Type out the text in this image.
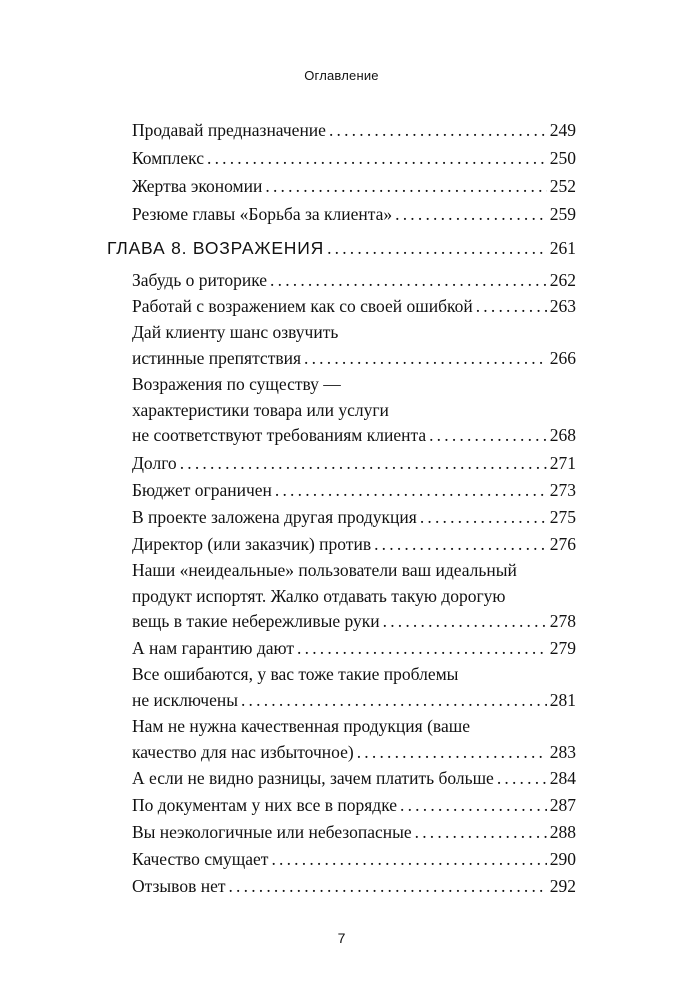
Оглавление
Продавай предназначение .....	249
Комплекс .....	250
Жертва экономии .....	252
Резюме главы «Борьба за клиента» .....	259
ГЛАВА 8. ВОЗРАЖЕНИЯ .....	261
Забудь о риторике .....	262
Работай с возражением как со своей ошибкой .....	263
Дай клиенту шанс озвучить
истинные препятствия .....	266
Возражения по существу —
характеристики товара или услуги
не соответствуют требованиям клиента .....	268
Долго .....	271
Бюджет ограничен .....	273
В проекте заложена другая продукция .....	275
Директор (или заказчик) против .....	276
Наши «неидеальные» пользователи ваш идеальный
продукт испортят. Жалко отдавать такую дорогую
вещь в такие небережливые руки .....	278
А нам гарантию дают .....	279
Все ошибаются, у вас тоже такие проблемы
не исключены .....	281
Нам не нужна качественная продукция (ваше
качество для нас избыточное) .....	283
А если не видно разницы, зачем платить больше .....	284
По документам у них все в порядке .....	287
Вы неэкологичные или небезопасные .....	288
Качество смущает .....	290
Отзывов нет .....	292
7
